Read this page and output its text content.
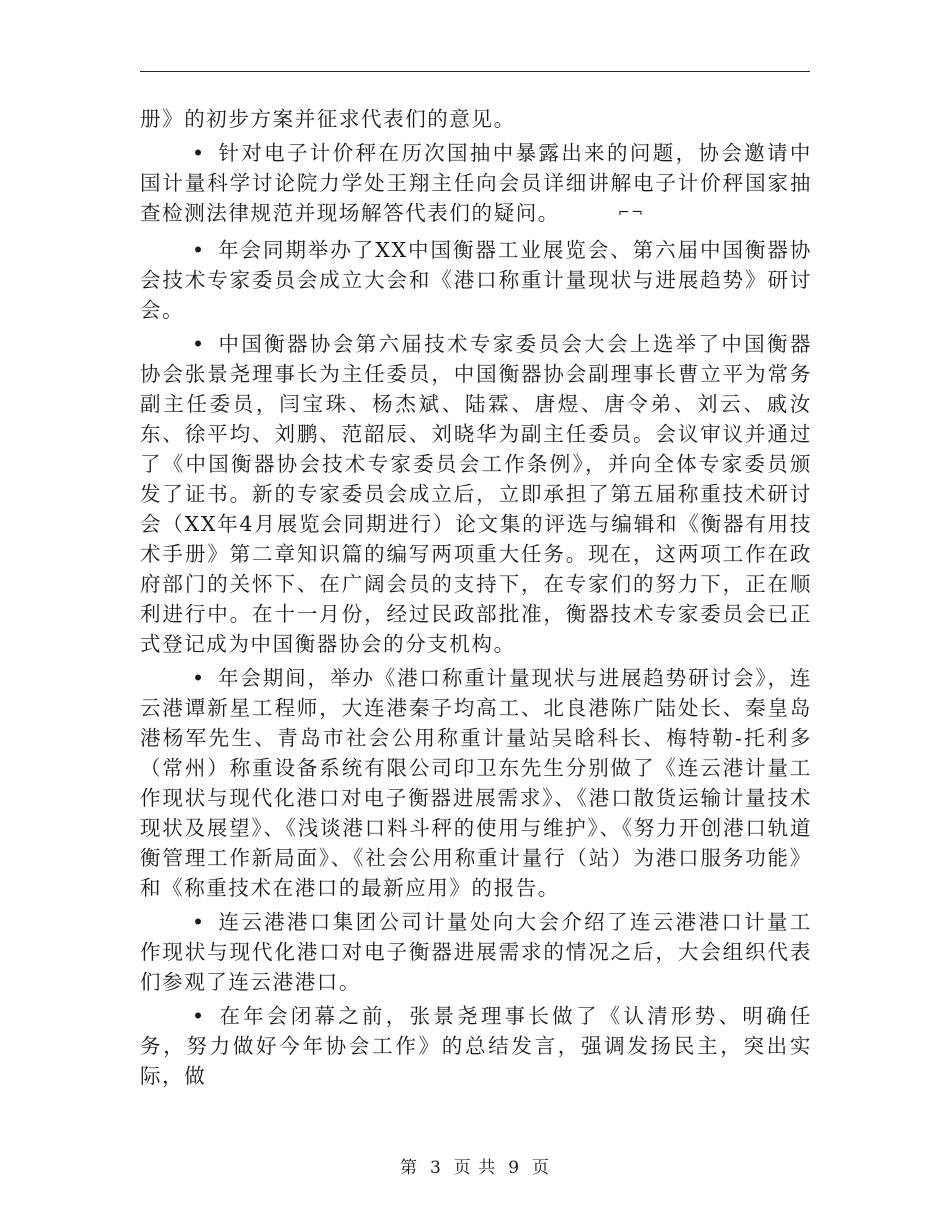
册》的初步方案并征求代表们的意见。

• 针对电子计价秤在历次国抽中暴露出来的问题，协会邀请中国计量科学讨论院力学处王翔主任向会员详细讲解电子计价秤国家抽查检测法律规范并现场解答代表们的疑问。	⌐¬

• 年会同期举办了XX中国衡器工业展览会、第六届中国衡器协会技术专家委员会成立大会和《港口称重计量现状与进展趋势》研讨会。

• 中国衡器协会第六届技术专家委员会大会上选举了中国衡器协会张景尧理事长为主任委员，中国衡器协会副理事长曹立平为常务副主任委员，闫宝珠、杨杰斌、陆霖、唐煜、唐令弟、刘云、戚汝东、徐平均、刘鹏、范韶辰、刘晓华为副主任委员。会议审议并通过了《中国衡器协会技术专家委员会工作条例》，并向全体专家委员颁发了证书。新的专家委员会成立后，立即承担了第五届称重技术研讨会（XX年4月展览会同期进行）论文集的评选与编辑和《衡器有用技术手册》第二章知识篇的编写两项重大任务。现在，这两项工作在政府部门的关怀下、在广阔会员的支持下，在专家们的努力下，正在顺利进行中。在十一月份，经过民政部批准，衡器技术专家委员会已正式登记成为中国衡器协会的分支机构。

• 年会期间，举办《港口称重计量现状与进展趋势研讨会》，连云港谭新星工程师，大连港秦子均高工、北良港陈广陆处长、秦皇岛港杨军先生、青岛市社会公用称重计量站吴晗科长、梅特勒-托利多（常州）称重设备系统有限公司印卫东先生分别做了《连云港计量工作现状与现代化港口对电子衡器进展需求》、《港口散货运输计量技术现状及展望》、《浅谈港口料斗秤的使用与维护》、《努力开创港口轨道衡管理工作新局面》、《社会公用称重计量行（站）为港口服务功能》和《称重技术在港口的最新应用》的报告。

• 连云港港口集团公司计量处向大会介绍了连云港港口计量工作现状与现代化港口对电子衡器进展需求的情况之后，大会组织代表们参观了连云港港口。

• 在年会闭幕之前，张景尧理事长做了《认清形势、明确任务，努力做好今年协会工作》的总结发言，强调发扬民主，突出实际，做

第 3 页 共 9 页
